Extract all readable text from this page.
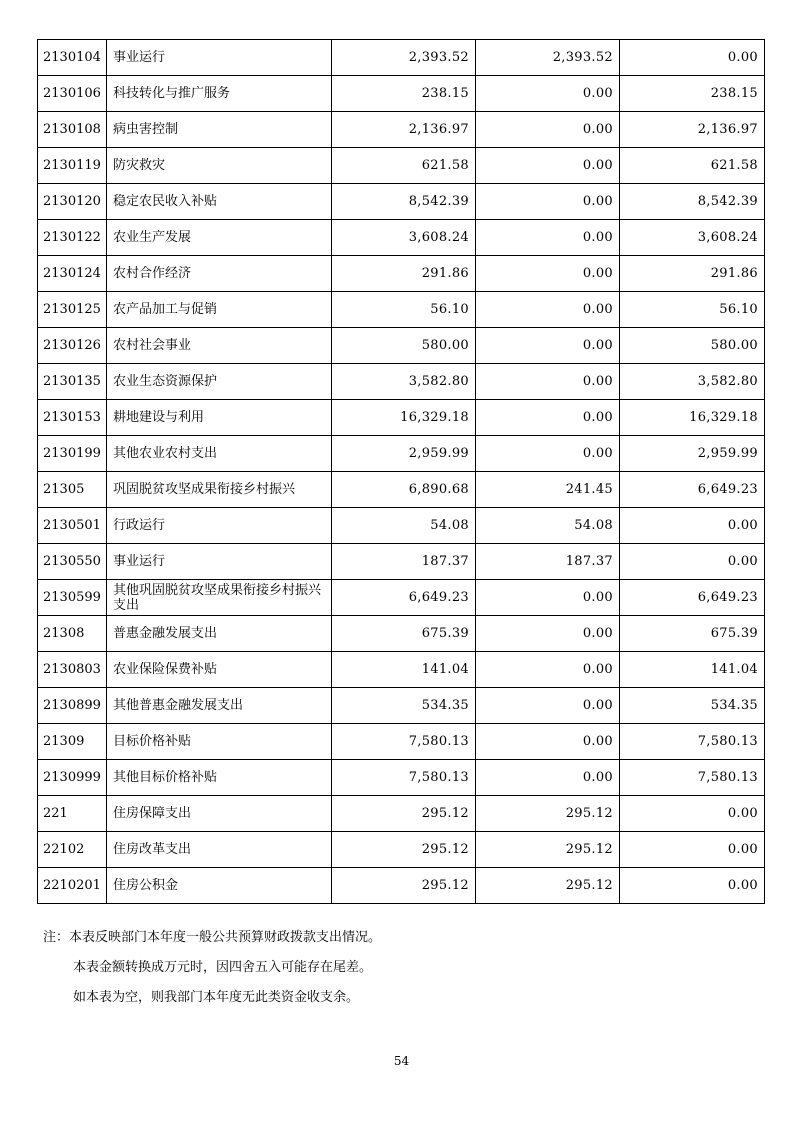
2130104	事业运行	2,393.52	2,393.52	0.00
2130106	科技转化与推广服务	238.15	0.00	238.15
2130108	病虫害控制	2,136.97	0.00	2,136.97
2130119	防灾救灾	621.58	0.00	621.58
2130120	稳定农民收入补贴	8,542.39	0.00	8,542.39
2130122	农业生产发展	3,608.24	0.00	3,608.24
2130124	农村合作经济	291.86	0.00	291.86
2130125	农产品加工与促销	56.10	0.00	56.10
2130126	农村社会事业	580.00	0.00	580.00
2130135	农业生态资源保护	3,582.80	0.00	3,582.80
2130153	耕地建设与利用	16,329.18	0.00	16,329.18
2130199	其他农业农村支出	2,959.99	0.00	2,959.99
21305	巩固脱贫攻坚成果衔接乡村振兴	6,890.68	241.45	6,649.23
2130501	行政运行	54.08	54.08	0.00
2130550	事业运行	187.37	187.37	0.00
2130599	其他巩固脱贫攻坚成果衔接乡村振兴支出	6,649.23	0.00	6,649.23
21308	普惠金融发展支出	675.39	0.00	675.39
2130803	农业保险保费补贴	141.04	0.00	141.04
2130899	其他普惠金融发展支出	534.35	0.00	534.35
21309	目标价格补贴	7,580.13	0.00	7,580.13
2130999	其他目标价格补贴	7,580.13	0.00	7,580.13
221	住房保障支出	295.12	295.12	0.00
22102	住房改革支出	295.12	295.12	0.00
2210201	住房公积金	295.12	295.12	0.00
注：本表反映部门本年度一般公共预算财政拨款支出情况。
本表金额转换成万元时，因四舍五入可能存在尾差。
如本表为空，则我部门本年度无此类资金收支余。
54
